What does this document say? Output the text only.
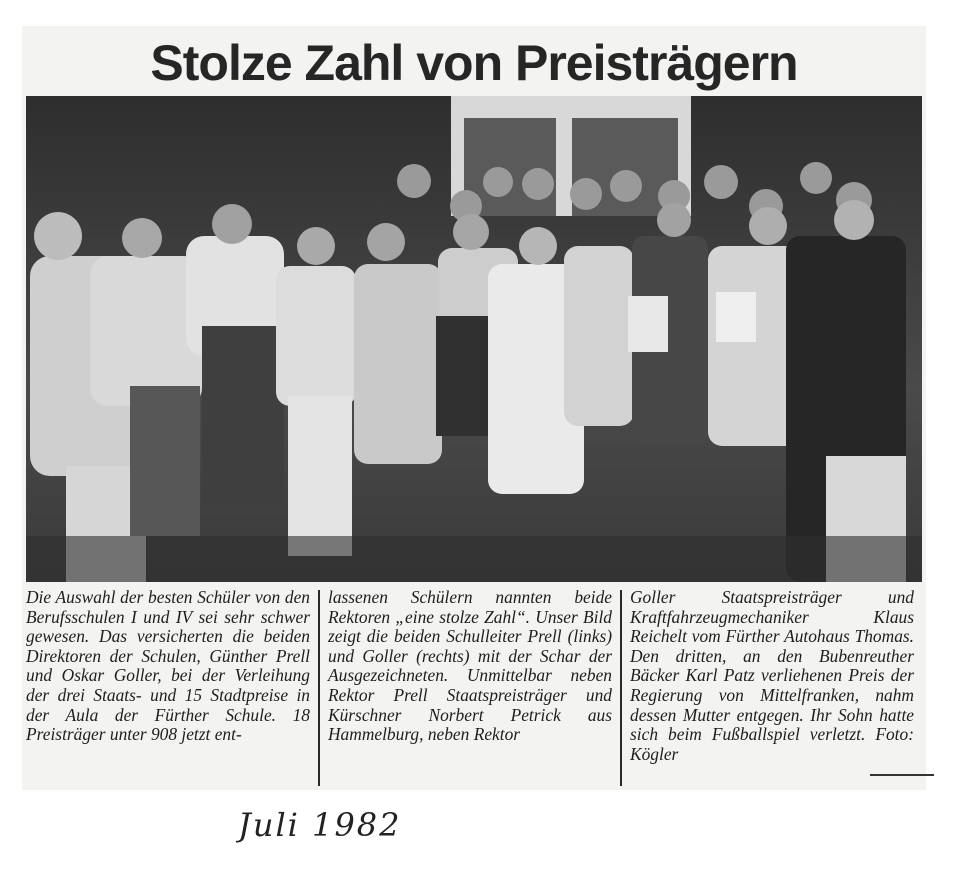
Stolze Zahl von Preisträgern

Die Auswahl der besten Schüler von den Berufsschulen I und IV sei sehr schwer gewesen. Das versicherten die beiden Direktoren der Schulen, Günther Prell und Oskar Goller, bei der Verleihung der drei Staats- und 15 Stadtpreise in der Aula der Fürther Schule. 18 Preisträger unter 908 jetzt ent-

lassenen Schülern nannten beide Rektoren „eine stolze Zahl“. Unser Bild zeigt die beiden Schulleiter Prell (links) und Goller (rechts) mit der Schar der Ausgezeichneten. Unmittelbar neben Rektor Prell Staatspreisträger und Kürschner Norbert Petrick aus Hammelburg, neben Rektor

Goller Staatspreisträger und Kraftfahrzeugmechaniker Klaus Reichelt vom Fürther Autohaus Thomas. Den dritten, an den Bubenreuther Bäcker Karl Patz verliehenen Preis der Regierung von Mittelfranken, nahm dessen Mutter entgegen. Ihr Sohn hatte sich beim Fußballspiel verletzt. Foto: Kögler

Juli 1982
